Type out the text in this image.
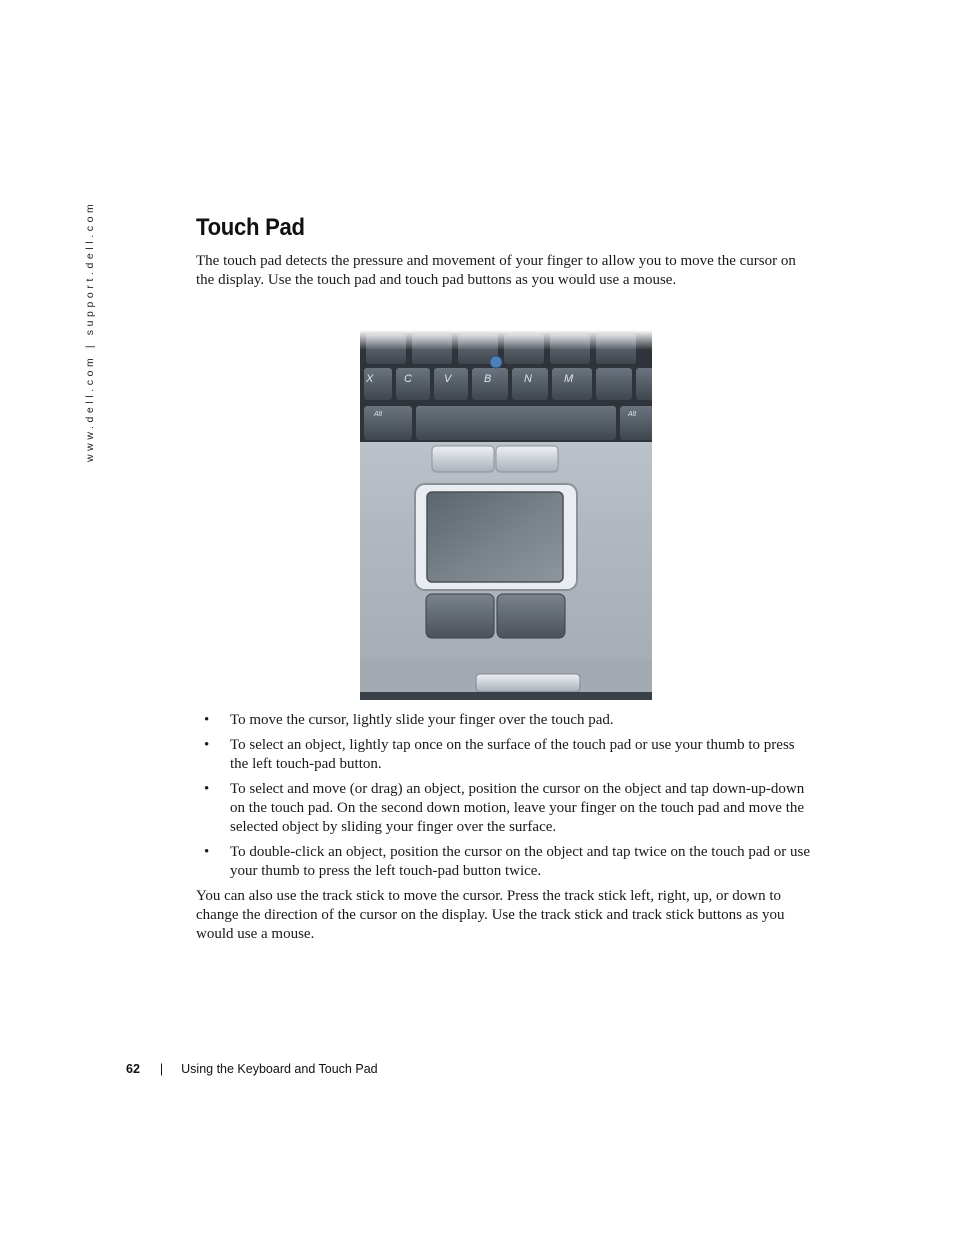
www.dell.com | support.dell.com	Touch Pad

The touch pad detects the pressure and movement of your finger to allow you to move the cursor on the display. Use the touch pad and touch pad buttons as you would use a mouse.

X	C	V	B	N	M
Alt	Alt
• To move the cursor, lightly slide your finger over the touch pad.
• To select an object, lightly tap once on the surface of the touch pad or use your thumb to press the left touch-pad button.
• To select and move (or drag) an object, position the cursor on the object and tap down-up-down on the touch pad. On the second down motion, leave your finger on the touch pad and move the selected object by sliding your finger over the surface.
• To double-click an object, position the cursor on the object and tap twice on the touch pad or use your thumb to press the left touch-pad button twice.

You can also use the track stick to move the cursor. Press the track stick left, right, up, or down to change the direction of the cursor on the display. Use the track stick and track stick buttons as you would use a mouse.

62 | Using the Keyboard and Touch Pad
